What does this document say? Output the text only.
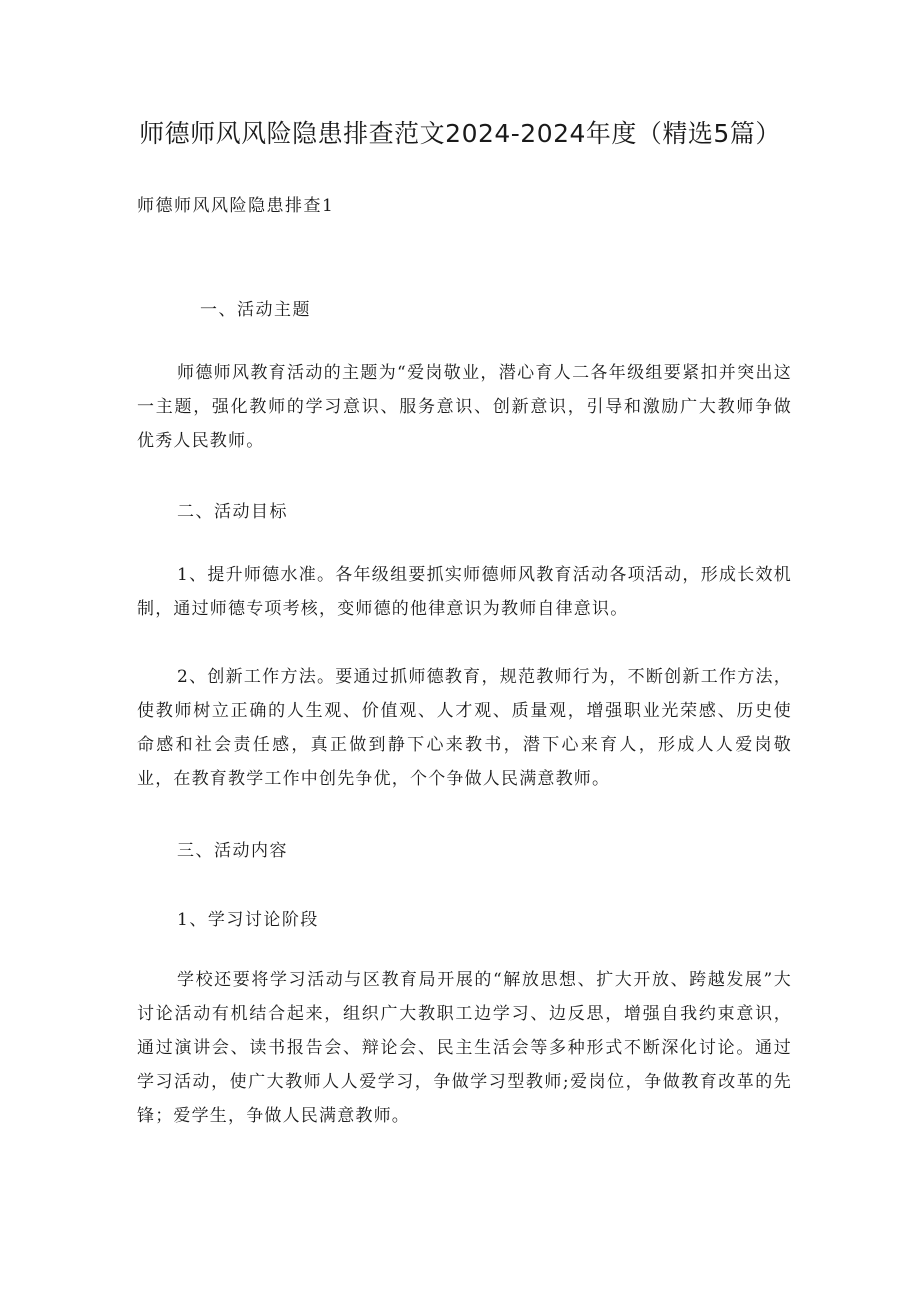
师德师风风险隐患排查范文2024-2024年度（精选5篇）

师德师风风险隐患排查1

一、活动主题

师德师风教育活动的主题为“爱岗敬业，潜心育人二各年级组要紧扣并突出这一主题，强化教师的学习意识、服务意识、创新意识，引导和激励广大教师争做优秀人民教师。

二、活动目标

1、提升师德水准。各年级组要抓实师德师风教育活动各项活动，形成长效机制，通过师德专项考核，变师德的他律意识为教师自律意识。

2、创新工作方法。要通过抓师德教育，规范教师行为，不断创新工作方法，使教师树立正确的人生观、价值观、人才观、质量观，增强职业光荣感、历史使命感和社会责任感，真正做到静下心来教书，潜下心来育人，形成人人爱岗敬业，在教育教学工作中创先争优，个个争做人民满意教师。

三、活动内容
1、学习讨论阶段

学校还要将学习活动与区教育局开展的“解放思想、扩大开放、跨越发展”大讨论活动有机结合起来，组织广大教职工边学习、边反思，增强自我约束意识，通过演讲会、读书报告会、辩论会、民主生活会等多种形式不断深化讨论。通过学习活动，使广大教师人人爱学习，争做学习型教师;爱岗位，争做教育改革的先锋；爱学生，争做人民满意教师。
